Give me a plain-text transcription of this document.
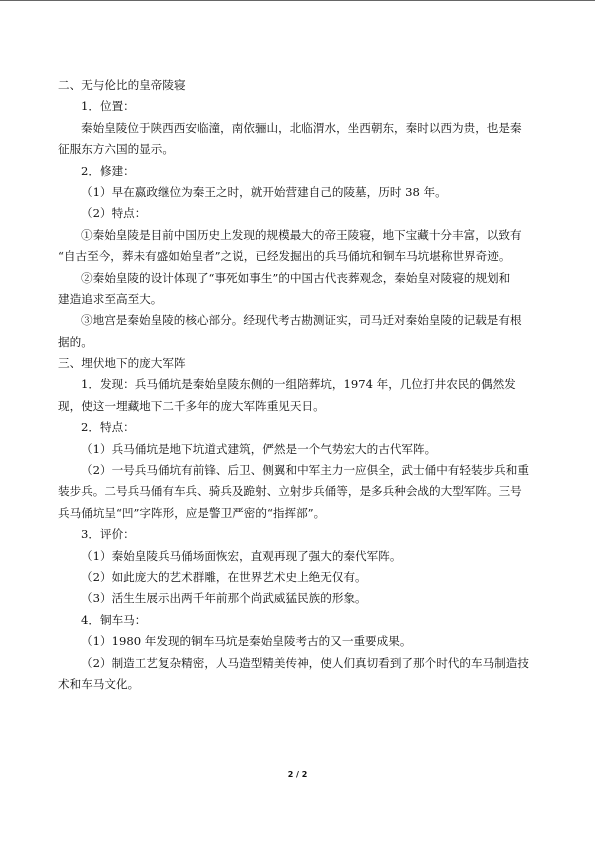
二、无与伦比的皇帝陵寝
1．位置：
秦始皇陵位于陕西西安临潼，南依骊山，北临渭水，坐西朝东，秦时以西为贵，也是秦
征服东方六国的显示。
2．修建：
（1）早在嬴政继位为秦王之时，就开始营建自己的陵墓，历时 38 年。
（2）特点：
①秦始皇陵是目前中国历史上发现的规模最大的帝王陵寝，地下宝藏十分丰富，以致有
“自古至今，葬未有盛如始皇者”之说，已经发掘出的兵马俑坑和铜车马坑堪称世界奇迹。
②秦始皇陵的设计体现了“事死如事生”的中国古代丧葬观念，秦始皇对陵寝的规划和
建造追求至高至大。
③地宫是秦始皇陵的核心部分。经现代考古勘测证实，司马迁对秦始皇陵的记载是有根
据的。
三、埋伏地下的庞大军阵
1．发现：兵马俑坑是秦始皇陵东侧的一组陪葬坑，1974 年，几位打井农民的偶然发
现，使这一埋藏地下二千多年的庞大军阵重见天日。
2．特点：
（1）兵马俑坑是地下坑道式建筑，俨然是一个气势宏大的古代军阵。
（2）一号兵马俑坑有前锋、后卫、侧翼和中军主力一应俱全，武士俑中有轻装步兵和重
装步兵。二号兵马俑有车兵、骑兵及跪射、立射步兵俑等，是多兵种会战的大型军阵。三号
兵马俑坑呈“凹”字阵形，应是警卫严密的“指挥部”。
3．评价：
（1）秦始皇陵兵马俑场面恢宏，直观再现了强大的秦代军阵。
（2）如此庞大的艺术群雕，在世界艺术史上绝无仅有。
（3）活生生展示出两千年前那个尚武威猛民族的形象。
4．铜车马：
（1）1980 年发现的铜车马坑是秦始皇陵考古的又一重要成果。
（2）制造工艺复杂精密，人马造型精美传神，使人们真切看到了那个时代的车马制造技
术和车马文化。
2 / 2
